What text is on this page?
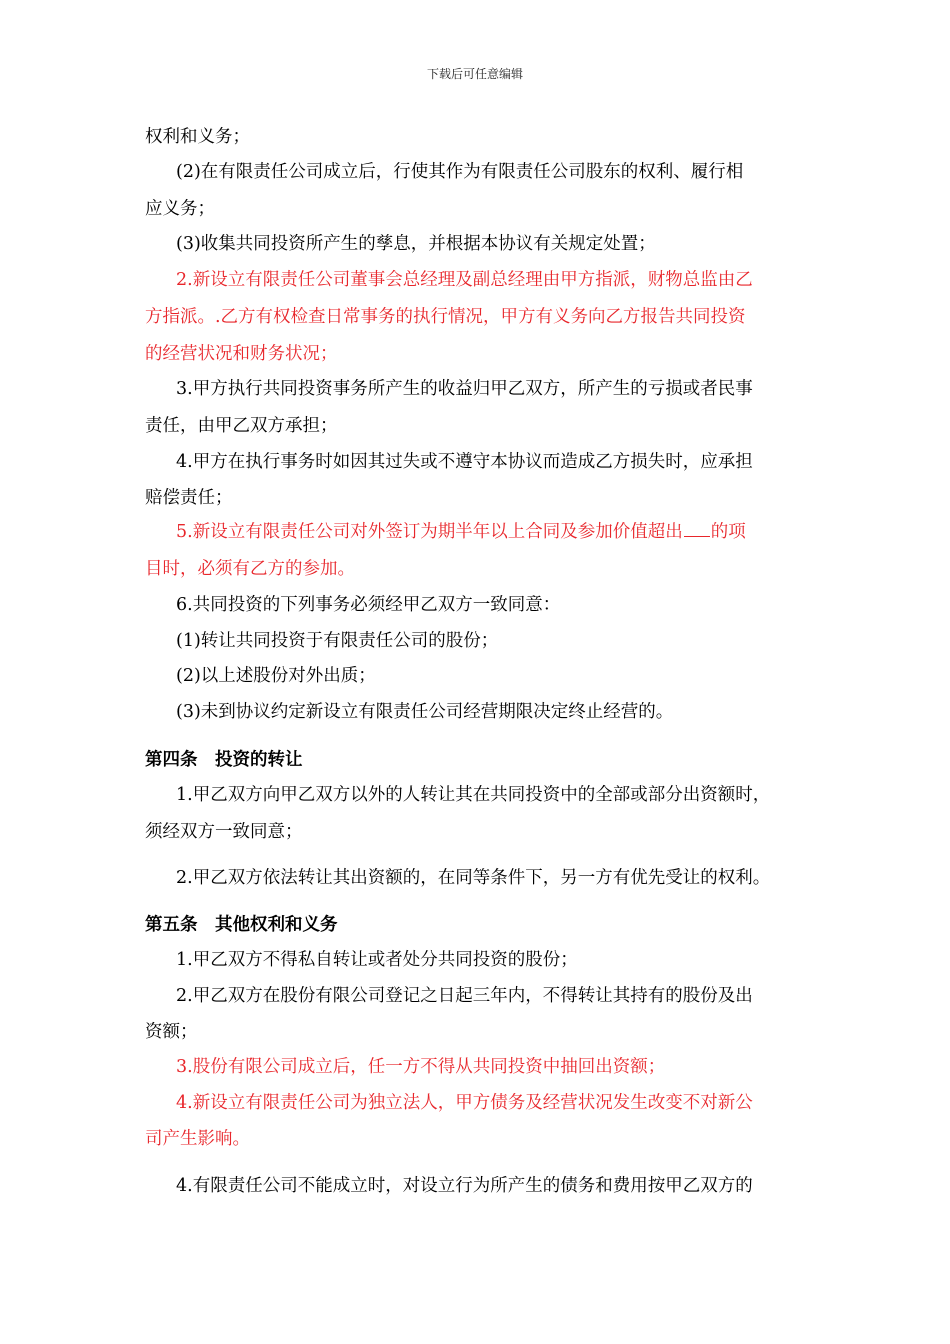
下载后可任意编辑
权利和义务；
(2)在有限责任公司成立后，行使其作为有限责任公司股东的权利、履行相
应义务；
(3)收集共同投资所产生的孳息，并根据本协议有关规定处置；
2.新设立有限责任公司董事会总经理及副总经理由甲方指派，财物总监由乙
方指派。.乙方有权检查日常事务的执行情况，甲方有义务向乙方报告共同投资
的经营状况和财务状况；
3.甲方执行共同投资事务所产生的收益归甲乙双方，所产生的亏损或者民事
责任，由甲乙双方承担；
4.甲方在执行事务时如因其过失或不遵守本协议而造成乙方损失时，应承担
赔偿责任；
5.新设立有限责任公司对外签订为期半年以上合同及参加价值超出 的项
目时，必须有乙方的参加。
6.共同投资的下列事务必须经甲乙双方一致同意：
(1)转让共同投资于有限责任公司的股份；
(2)以上述股份对外出质；
(3)未到协议约定新设立有限责任公司经营期限决定终止经营的。
第四条　投资的转让
1.甲乙双方向甲乙双方以外的人转让其在共同投资中的全部或部分出资额时，
须经双方一致同意；
2.甲乙双方依法转让其出资额的，在同等条件下，另一方有优先受让的权利。
第五条　其他权利和义务
1.甲乙双方不得私自转让或者处分共同投资的股份；
2.甲乙双方在股份有限公司登记之日起三年内，不得转让其持有的股份及出
资额；
3.股份有限公司成立后，任一方不得从共同投资中抽回出资额；
4.新设立有限责任公司为独立法人，甲方债务及经营状况发生改变不对新公
司产生影响。
4.有限责任公司不能成立时，对设立行为所产生的债务和费用按甲乙双方的
